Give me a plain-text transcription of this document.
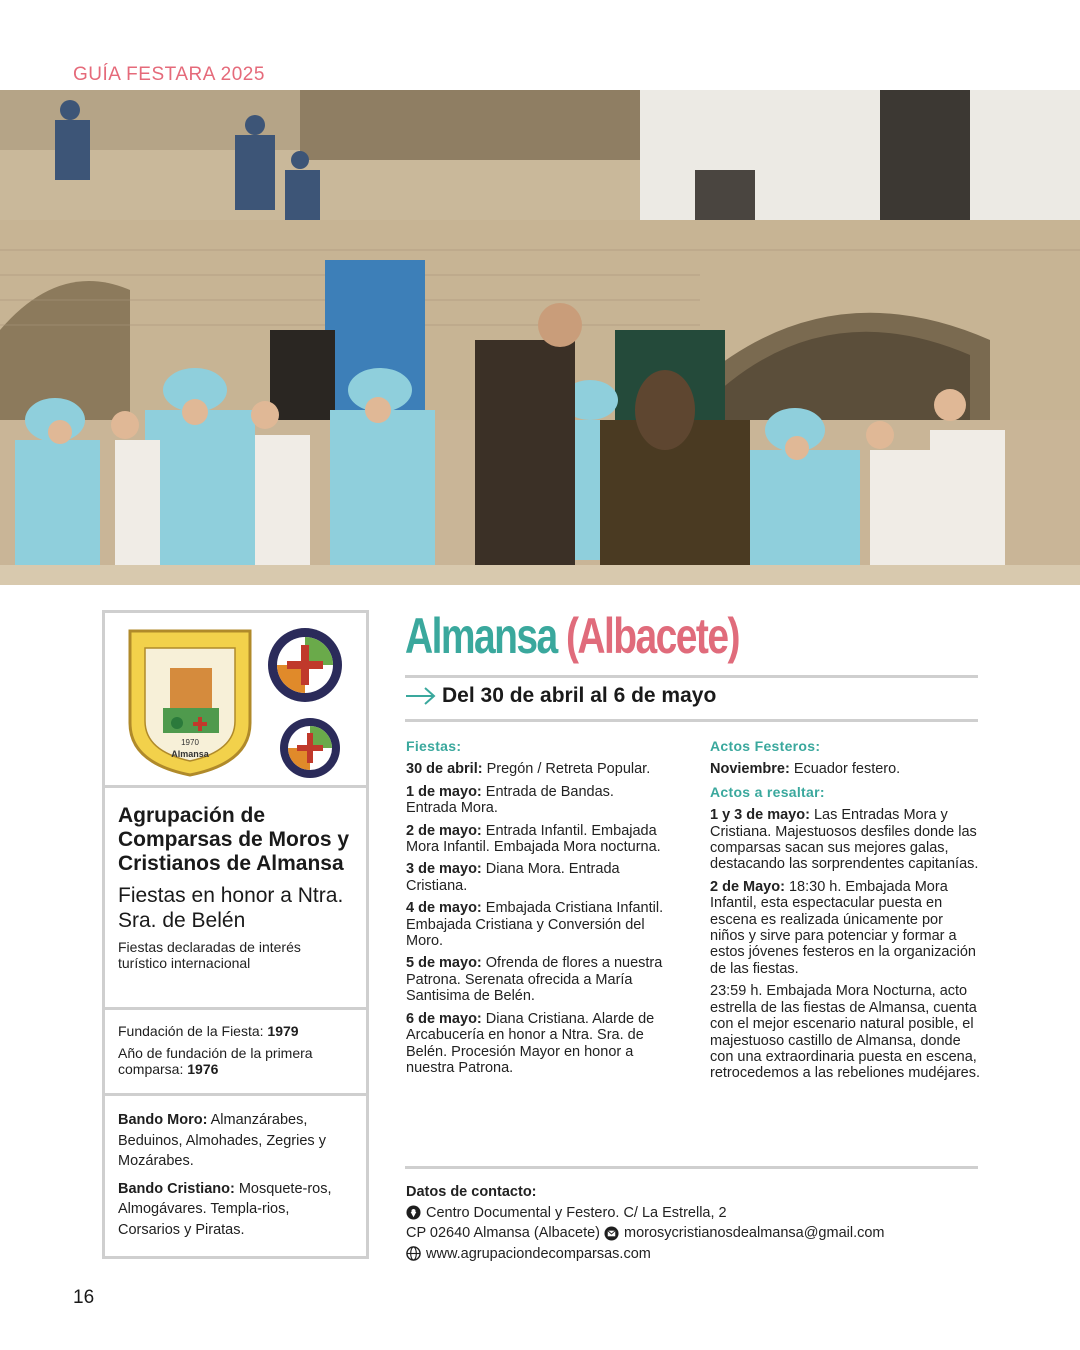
GUÍA FESTARA 2025
1970
Almansa
Agrupación de Comparsas de Moros y Cristianos de Almansa
Fiestas en honor a Ntra. Sra. de Belén
Fiestas declaradas de interés turístico internacional

Fundación de la Fiesta: 1979

Año de fundación de la primera comparsa: 1976

Bando Moro: Almanzárabes, Beduinos, Almohades, Zegries y Mozárabes.

Bando Cristiano: Mosquete-ros, Almogávares. Templa-rios, Corsarios y Piratas.

Almansa (Albacete)
Del 30 de abril al 6 de mayo
Fiestas:

30 de abril: Pregón / Retreta Popular.

1 de mayo: Entrada de Bandas. Entrada Mora.

2 de mayo: Entrada Infantil. Embajada Mora Infantil. Embajada Mora nocturna.

3 de mayo: Diana Mora. Entrada Cristiana.

4 de mayo: Embajada Cristiana Infantil. Embajada Cristiana y Conversión del Moro.

5 de mayo: Ofrenda de flores a nuestra Patrona. Serenata ofrecida a María Santisima de Belén.

6 de mayo: Diana Cristiana. Alarde de Arcabucería en honor a Ntra. Sra. de Belén. Procesión Mayor en honor a nuestra Patrona.

Actos Festeros:

Noviembre: Ecuador festero.

Actos a resaltar:

1 y 3 de mayo: Las Entradas Mora y Cristiana. Majestuosos desfiles donde las comparsas sacan sus mejores galas, destacando las sorprendentes capitanías.

2 de Mayo: 18:30 h. Embajada Mora Infantil, esta espectacular puesta en escena es realizada únicamente por niños y sirve para potenciar y formar a estos jóvenes festeros en la organización de las fiestas.

23:59 h. Embajada Mora Nocturna, acto estrella de las fiestas de Almansa, cuenta con el mejor escenario natural posible, el majestuoso castillo de Almansa, donde con una extraordinaria puesta en escena, retrocedemos a las rebeliones mudéjares.

Datos de contacto:
Centro Documental y Festero. C/ La Estrella, 2
CP 02640 Almansa (Albacete) morosycristianosdealmansa@gmail.com
www.agrupaciondecomparsas.com
16
